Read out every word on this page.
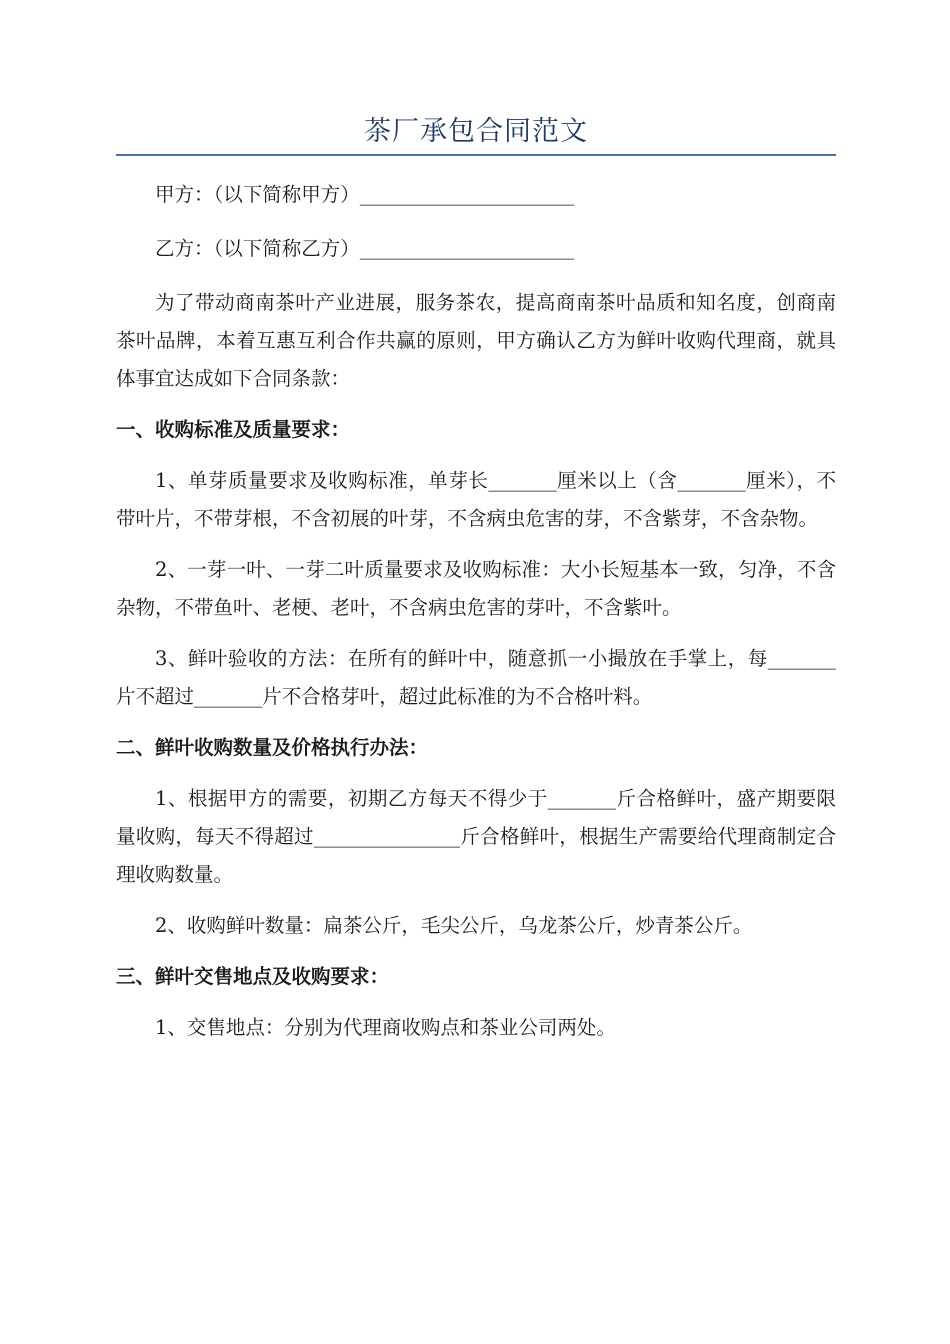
茶厂承包合同范文

甲方：（以下简称甲方）______________________

乙方：（以下简称乙方）______________________

为了带动商南茶叶产业进展，服务茶农，提高商南茶叶品质和知名度，创商南茶叶品牌，本着互惠互利合作共赢的原则，甲方确认乙方为鲜叶收购代理商，就具体事宜达成如下合同条款：

一、收购标准及质量要求：

1、单芽质量要求及收购标准，单芽长_______厘米以上（含_______厘米），不带叶片，不带芽根，不含初展的叶芽，不含病虫危害的芽，不含紫芽，不含杂物。

2、一芽一叶、一芽二叶质量要求及收购标准：大小长短基本一致，匀净，不含杂物，不带鱼叶、老梗、老叶，不含病虫危害的芽叶，不含紫叶。

3、鲜叶验收的方法：在所有的鲜叶中，随意抓一小撮放在手掌上，每_______片不超过_______片不合格芽叶，超过此标准的为不合格叶料。

二、鲜叶收购数量及价格执行办法：

1、根据甲方的需要，初期乙方每天不得少于_______斤合格鲜叶，盛产期要限量收购，每天不得超过_______________斤合格鲜叶，根据生产需要给代理商制定合理收购数量。

2、收购鲜叶数量：扁茶公斤，毛尖公斤，乌龙茶公斤，炒青茶公斤。

三、鲜叶交售地点及收购要求：

1、交售地点：分别为代理商收购点和茶业公司两处。
